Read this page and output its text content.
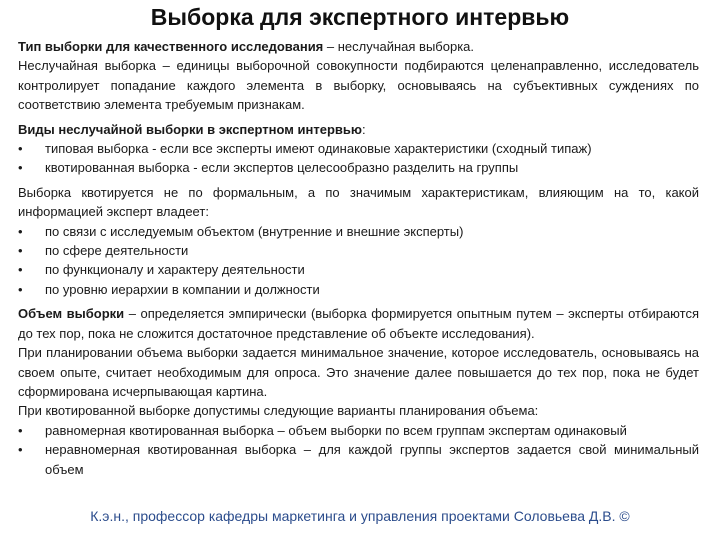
Выборка для экспертного интервью
Тип выборки для качественного исследования – неслучайная выборка.
Неслучайная выборка – единицы выборочной совокупности подбираются целенаправленно, исследователь контролирует попадание каждого элемента в выборку, основываясь на субъективных суждениях по соответствию элемента требуемым признакам.
Виды неслучайной выборки в экспертном интервью:
•	типовая выборка - если все эксперты имеют одинаковые характеристики (сходный типаж)
•	квотированная выборка - если экспертов целесообразно разделить на группы
Выборка квотируется не по формальным, а по значимым характеристикам, влияющим на то, какой информацией эксперт владеет:
•	по связи с исследуемым объектом (внутренние и внешние эксперты)
•	по сфере деятельности
•	по функционалу и характеру деятельности
•	по уровню иерархии в компании и должности
Объем выборки – определяется эмпирически (выборка формируется опытным путем – эксперты отбираются до тех пор, пока не сложится достаточное представление об объекте исследования).
При планировании объема выборки задается минимальное значение, которое исследователь, основываясь на своем опыте, считает необходимым для опроса. Это значение далее повышается до тех пор, пока не будет сформирована исчерпывающая картина.
При квотированной выборке допустимы следующие варианты планирования объема:
•	равномерная квотированная выборка – объем выборки по всем группам экспертам одинаковый
•	неравномерная квотированная выборка – для каждой группы экспертов задается свой минимальный объем
К.э.н., профессор кафедры маркетинга и управления проектами Соловьева Д.В. ©
